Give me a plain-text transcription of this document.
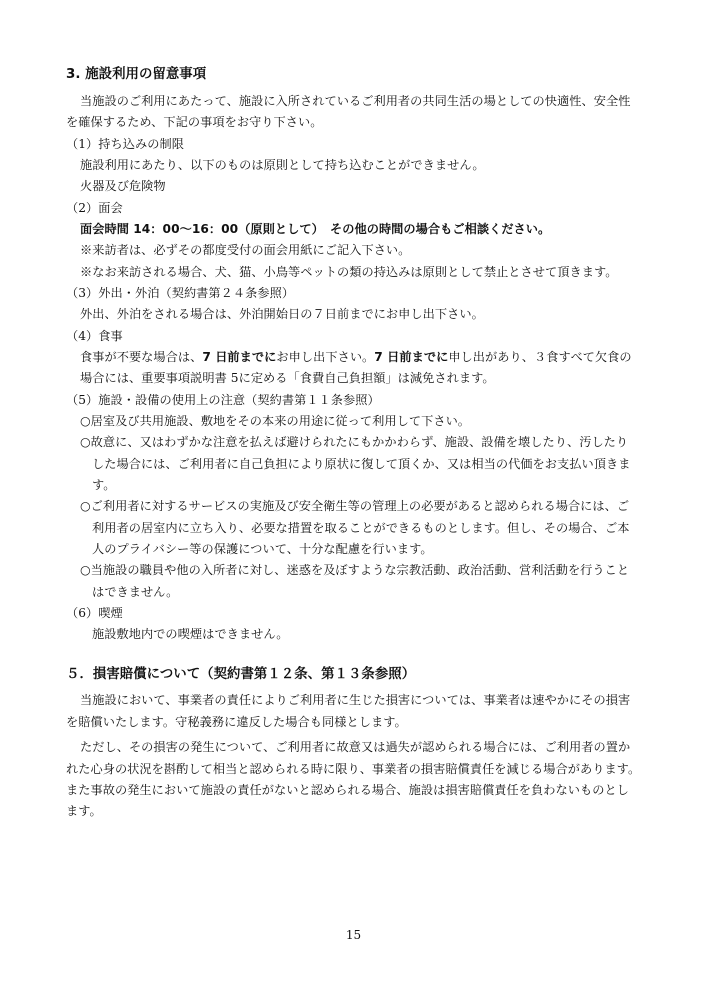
3. 施設利用の留意事項
当施設のご利用にあたって、施設に入所されているご利用者の共同生活の場としての快適性、安全性
を確保するため、下記の事項をお守り下さい。
（1）持ち込みの制限
施設利用にあたり、以下のものは原則として持ち込むことができません。
火器及び危険物
（2）面会
面会時間 14：00～16：00（原則として）　その他の時間の場合もご相談ください。
※来訪者は、必ずその都度受付の面会用紙にご記入下さい。
※なお来訪される場合、犬、猫、小鳥等ペットの類の持込みは原則として禁止とさせて頂きます。
（3）外出・外泊（契約書第２４条参照）
外出、外泊をされる場合は、外泊開始日の７日前までにお申し出下さい。
（4）食事
食事が不要な場合は、7 日前までにお申し出下さい。7 日前までに申し出があり、３食すべて欠食の
場合には、重要事項説明書 5に定める「食費自己負担額」は減免されます。
（5）施設・設備の使用上の注意（契約書第１１条参照）
○居室及び共用施設、敷地をその本来の用途に従って利用して下さい。
○故意に、又はわずかな注意を払えば避けられたにもかかわらず、施設、設備を壊したり、汚したり
した場合には、ご利用者に自己負担により原状に復して頂くか、又は相当の代価をお支払い頂きま
す。
○ご利用者に対するサービスの実施及び安全衛生等の管理上の必要があると認められる場合には、ご
利用者の居室内に立ち入り、必要な措置を取ることができるものとします。但し、その場合、ご本
人のプライバシー等の保護について、十分な配慮を行います。
○当施設の職員や他の入所者に対し、迷惑を及ぼすような宗教活動、政治活動、営利活動を行うこと
はできません。
（6）喫煙
施設敷地内での喫煙はできません。
５．損害賠償について（契約書第１２条、第１３条参照）
当施設において、事業者の責任によりご利用者に生じた損害については、事業者は速やかにその損害
を賠償いたします。守秘義務に違反した場合も同様とします。
ただし、その損害の発生について、ご利用者に故意又は過失が認められる場合には、ご利用者の置か
れた心身の状況を斟酌して相当と認められる時に限り、事業者の損害賠償責任を減じる場合があります。
また事故の発生において施設の責任がないと認められる場合、施設は損害賠償責任を負わないものとし
ます。
15
